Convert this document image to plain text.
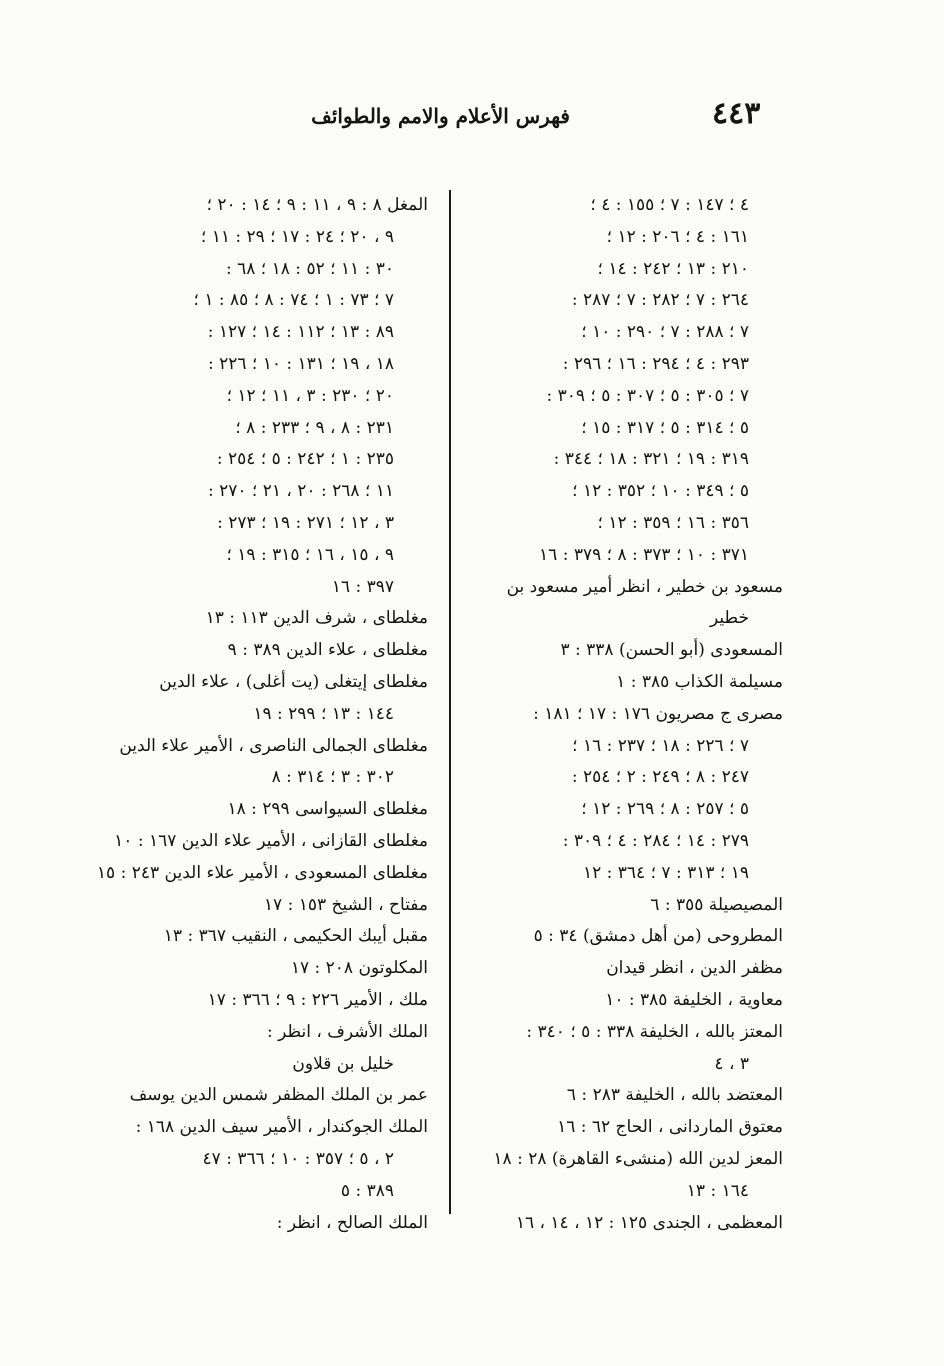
٤٤٣
فهرس الأعلام والامم والطوائف
٤ ؛ ١٤٧ : ٧ ؛ ١٥٥ : ٤ ؛
١٦١ : ٤ ؛ ٢٠٦ : ١٢ ؛
٢١٠ : ١٣ ؛ ٢٤٢ : ١٤ ؛
٢٦٤ : ٧ ؛ ٢٨٢ : ٧ ؛ ٢٨٧ :
٧ ؛ ٢٨٨ : ٧ ؛ ٢٩٠ : ١٠ ؛
٢٩٣ : ٤ ؛ ٢٩٤ : ١٦ ؛ ٢٩٦ :
٧ ؛ ٣٠٥ : ٥ ؛ ٣٠٧ : ٥ ؛ ٣٠٩ :
٥ ؛ ٣١٤ : ٥ ؛ ٣١٧ : ١٥ ؛
٣١٩ : ١٩ ؛ ٣٢١ : ١٨ ؛ ٣٤٤ :
٥ ؛ ٣٤٩ : ١٠ ؛ ٣٥٢ : ١٢ ؛
٣٥٦ : ١٦ ؛ ٣٥٩ : ١٢ ؛
٣٧١ : ١٠ ؛ ٣٧٣ : ٨ ؛ ٣٧٩ : ١٦
مسعود بن خطير ، انظر أمير مسعود بن
خطير
المسعودى (أبو الحسن) ٣٣٨ : ٣
مسيلمة الكذاب ٣٨٥ : ١
مصرى ج مصريون ١٧٦ : ١٧ ؛ ١٨١ :
٧ ؛ ٢٢٦ : ١٨ ؛ ٢٣٧ : ١٦ ؛
٢٤٧ : ٨ ؛ ٢٤٩ : ٢ ؛ ٢٥٤ :
٥ ؛ ٢٥٧ : ٨ ؛ ٢٦٩ : ١٢ ؛
٢٧٩ : ١٤ ؛ ٢٨٤ : ٤ ؛ ٣٠٩ :
١٩ ؛ ٣١٣ : ٧ ؛ ٣٦٤ : ١٢
المصيصيلة ٣٥٥ : ٦
المطروحى (من أهل دمشق) ٣٤ : ٥
مظفر الدين ، انظر قيدان
معاوية ، الخليفة ٣٨٥ : ١٠
المعتز بالله ، الخليفة ٣٣٨ : ٥ ؛ ٣٤٠ :
٣ ، ٤
المعتضد بالله ، الخليفة ٢٨٣ : ٦
معتوق الماردانى ، الحاج ٦٢ : ١٦
المعز لدين الله (منشىء القاهرة) ٢٨ : ١٨
١٦٤ : ١٣
المعظمى ، الجندى ١٢٥ : ١٢ ، ١٤ ، ١٦
المغل ٨ : ٩ ، ١١ : ٩ ؛ ١٤ : ٢٠ ؛
٩ ، ٢٠ ؛ ٢٤ : ١٧ ؛ ٢٩ : ١١ ؛
٣٠ : ١١ ؛ ٥٢ : ١٨ ؛ ٦٨ :
٧ ؛ ٧٣ : ١ ؛ ٧٤ : ٨ ؛ ٨٥ : ١ ؛
٨٩ : ١٣ ؛ ١١٢ : ١٤ ؛ ١٢٧ :
١٨ ، ١٩ ؛ ١٣١ : ١٠ ؛ ٢٢٦ :
٢٠ ؛ ٢٣٠ : ٣ ، ١١ ؛ ١٢ ؛
٢٣١ : ٨ ، ٩ ؛ ٢٣٣ : ٨ ؛
٢٣٥ : ١ ؛ ٢٤٢ : ٥ ؛ ٢٥٤ :
١١ ؛ ٢٦٨ : ٢٠ ، ٢١ ؛ ٢٧٠ :
٣ ، ١٢ ؛ ٢٧١ : ١٩ ؛ ٢٧٣ :
٩ ، ١٥ ، ١٦ ؛ ٣١٥ : ١٩ ؛
٣٩٧ : ١٦
مغلطاى ، شرف الدين ١١٣ : ١٣
مغلطاى ، علاء الدين ٣٨٩ : ٩
مغلطاى إيتغلى (يت أغلى) ، علاء الدين
١٤٤ : ١٣ ؛ ٢٩٩ : ١٩
مغلطاى الجمالى الناصرى ، الأمير علاء الدين
٣٠٢ : ٣ ؛ ٣١٤ : ٨
مغلطاى السيواسى ٢٩٩ : ١٨
مغلطاى القازانى ، الأمير علاء الدين ١٦٧ : ١٠
مغلطاى المسعودى ، الأمير علاء الدين ٢٤٣ : ١٥
مفتاح ، الشيخ ١٥٣ : ١٧
مقبل أيبك الحكيمى ، النقيب ٣٦٧ : ١٣
المكلوتون ٢٠٨ : ١٧
ملك ، الأمير ٢٢٦ : ٩ ؛ ٣٦٦ : ١٧
الملك الأشرف ، انظر :
خليل بن قلاون
عمر بن الملك المظفر شمس الدين يوسف
الملك الجوكندار ، الأمير سيف الدين ١٦٨ :
٢ ، ٥ ؛ ٣٥٧ : ١٠ ؛ ٣٦٦ : ٤٧
٣٨٩ : ٥
الملك الصالح ، انظر :
